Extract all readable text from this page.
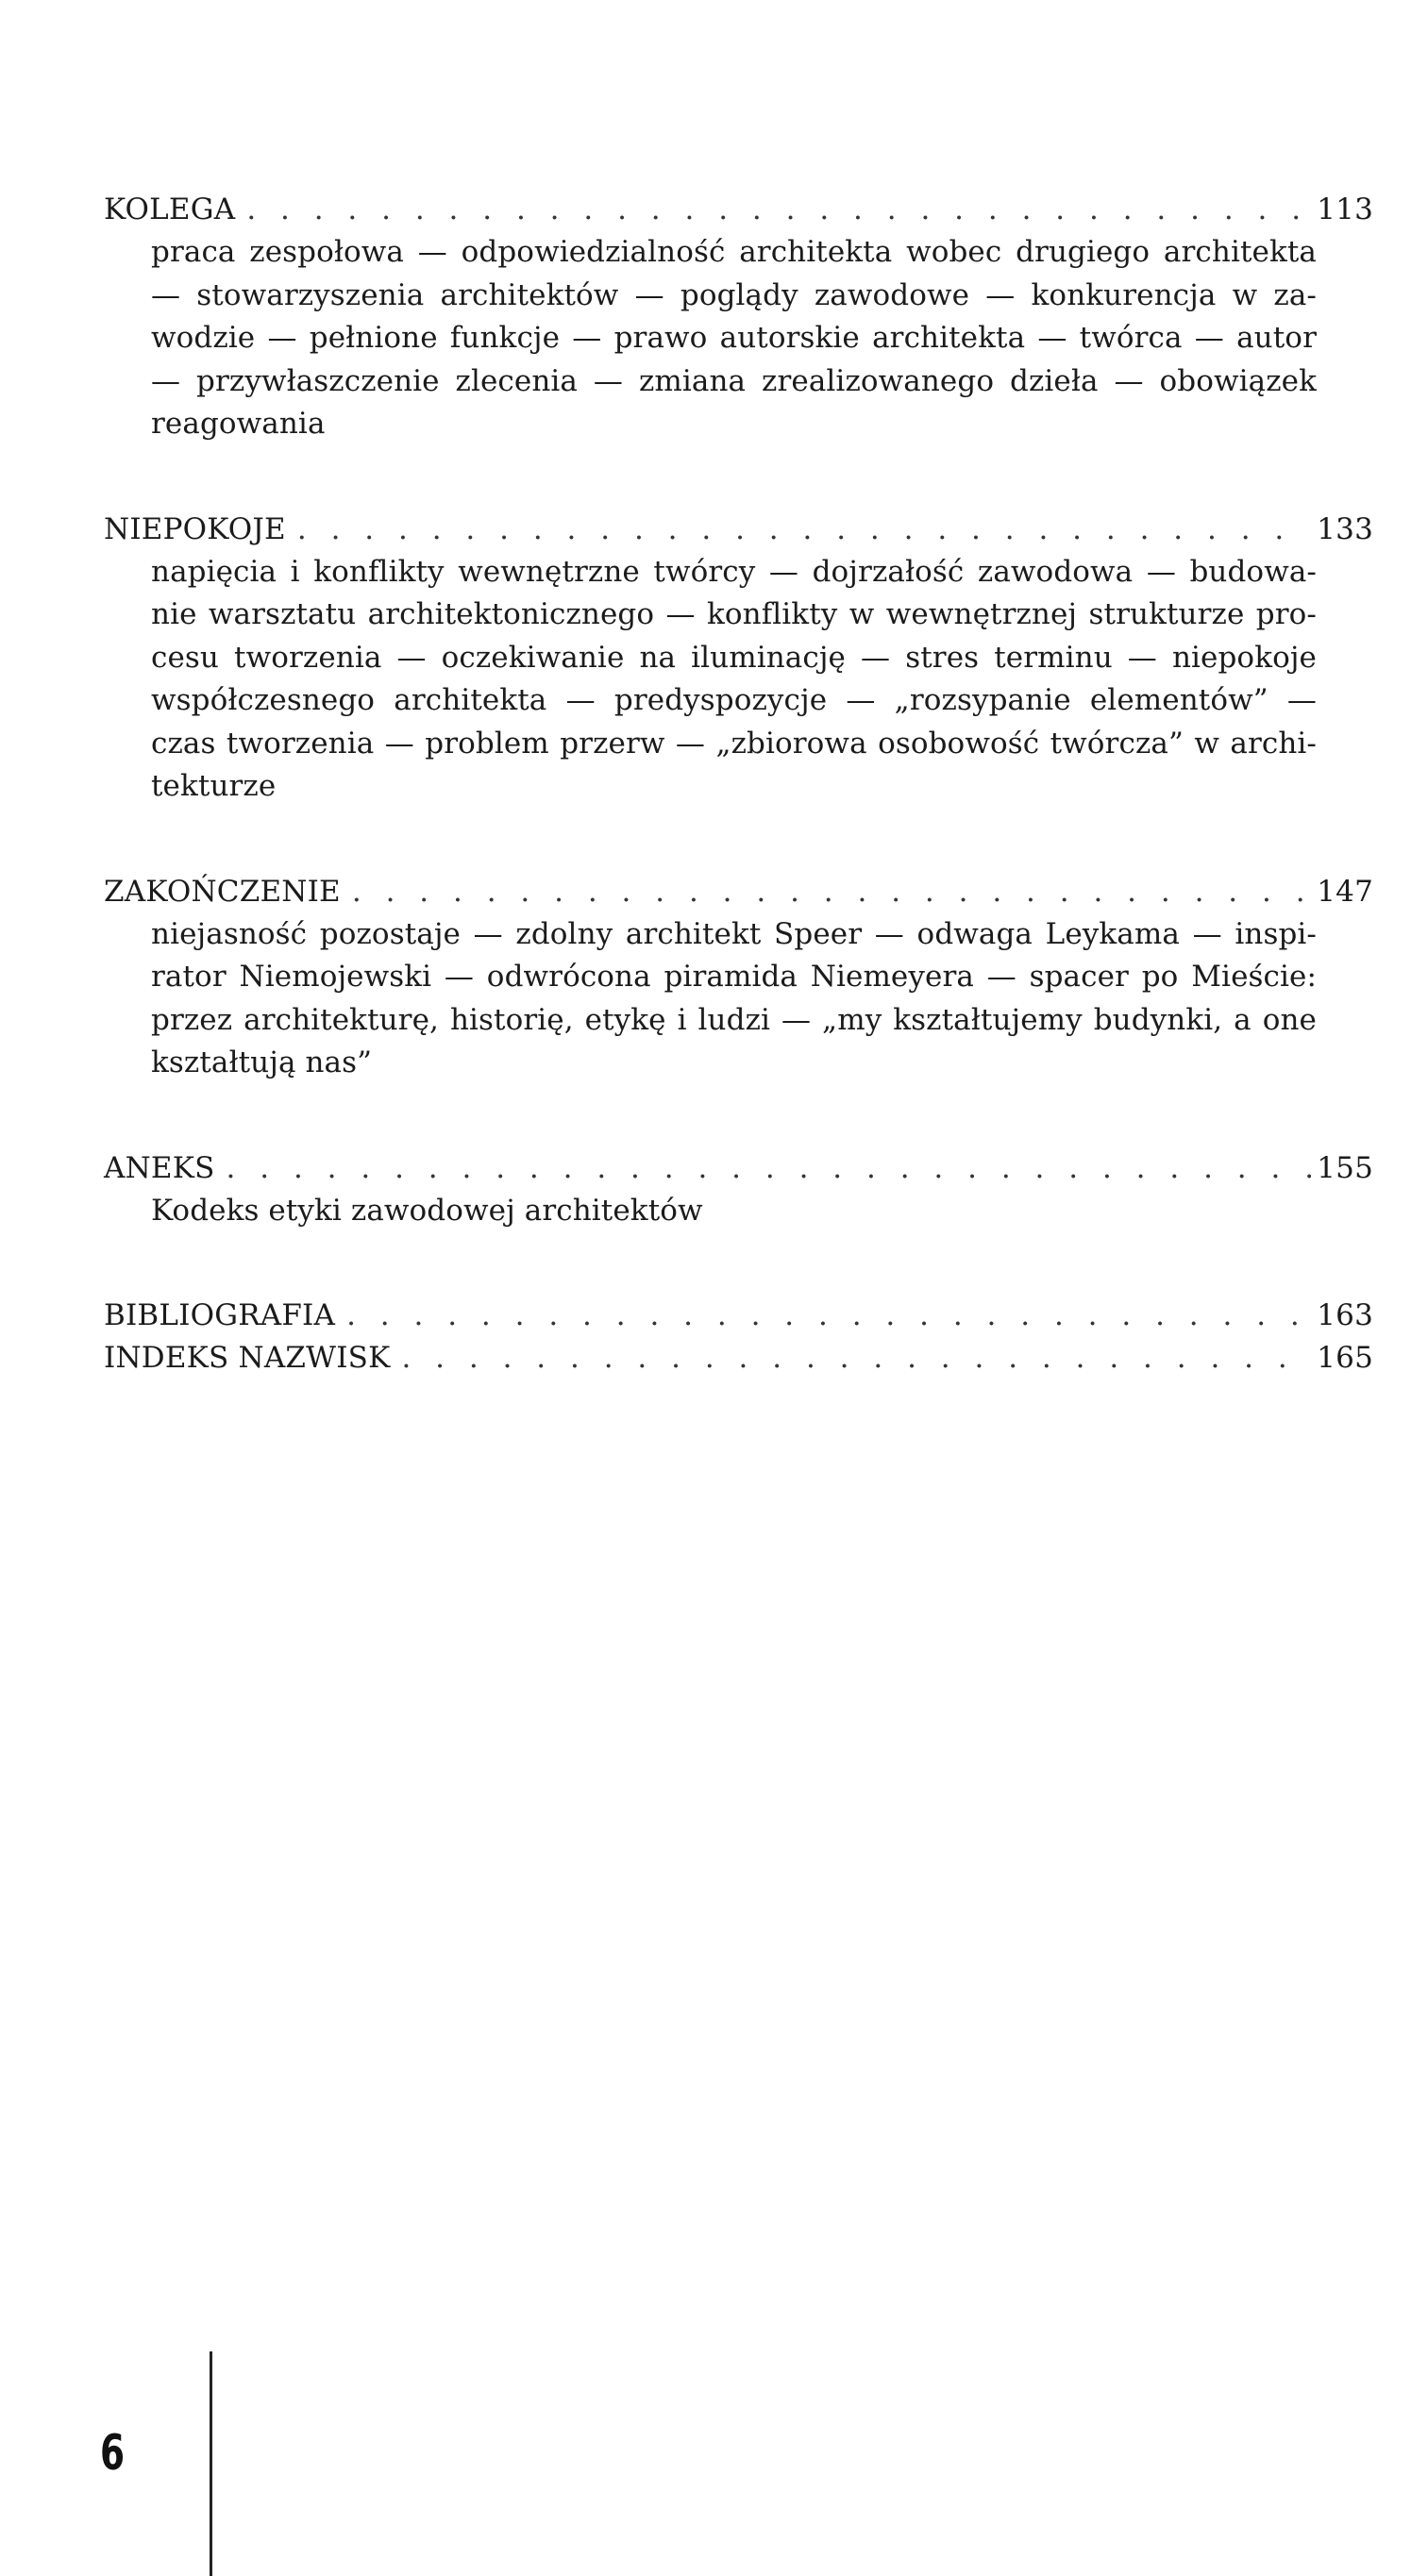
KOLEGA . . .	113
praca zespołowa — odpowiedzialność architekta wobec drugiego architekta
— stowarzyszenia architektów — poglądy zawodowe — konkurencja w za-
wodzie — pełnione funkcje — prawo autorskie architekta — twórca — autor
— przywłaszczenie zlecenia — zmiana zrealizowanego dzieła — obowiązek
reagowania
NIEPOKOJE . . .	133
napięcia i konflikty wewnętrzne twórcy — dojrzałość zawodowa — budowa-
nie warsztatu architektonicznego — konflikty w wewnętrznej strukturze pro-
cesu tworzenia — oczekiwanie na iluminację — stres terminu — niepokoje
współczesnego architekta — predyspozycje — „rozsypanie elementów” —
czas tworzenia — problem przerw — „zbiorowa osobowość twórcza” w archi-
tekturze
ZAKOŃCZENIE . . .	147
niejasność pozostaje — zdolny architekt Speer — odwaga Leykama — inspi-
rator Niemojewski — odwrócona piramida Niemeyera — spacer po Mieście:
przez architekturę, historię, etykę i ludzi — „my kształtujemy budynki, a one
kształtują nas”
ANEKS . . .	155
Kodeks etyki zawodowej architektów
BIBLIOGRAFIA . . .	163
INDEKS NAZWISK . . .	165
6
